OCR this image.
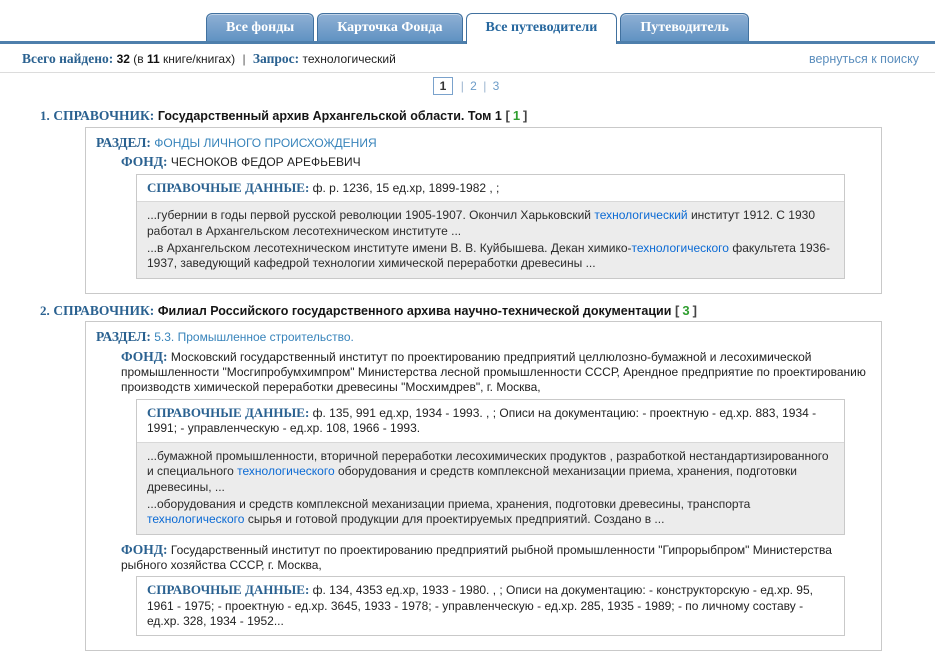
Все фонды	Карточка Фонда	Все путеводители	Путеводитель
Всего найдено: 32 (в 11 книге/книгах) | Запрос: технологический	вернуться к поиску
1 | 2 | 3
1. СПРАВОЧНИК: Государственный архив Архангельской области. Том 1 [ 1 ]
РАЗДЕЛ: ФОНДЫ ЛИЧНОГО ПРОИСХОЖДЕНИЯ
ФОНД: ЧЕСНОКОВ ФЕДОР АРЕФЬЕВИЧ
СПРАВОЧНЫЕ ДАННЫЕ: ф. р. 1236, 15 ед.хр, 1899-1982 , ;

...губернии в годы первой русской революции 1905-1907. Окончил Харьковский технологический институт 1912. С 1930 работал в Архангельском лесотехническом институте ...

...в Архангельском лесотехническом институте имени В. В. Куйбышева. Декан химико-технологического факультета 1936-1937, заведующий кафедрой технологии химической переработки древесины ...

2. СПРАВОЧНИК: Филиал Российского государственного архива научно-технической документации [ 3 ]
РАЗДЕЛ: 5.3. Промышленное строительство.
ФОНД: Московский государственный институт по проектированию предприятий целлюлозно-бумажной и лесохимической промышленности "Мосгипробумхимпром" Министерства лесной промышленности СССР, Арендное предприятие по проектированию производств химической переработки древесины "Мосхимдрев", г. Москва,
СПРАВОЧНЫЕ ДАННЫЕ: ф. 135, 991 ед.хр, 1934 - 1993. , ; Описи на документацию: - проектную - ед.хр. 883, 1934 - 1991; - управленческую - ед.хр. 108, 1966 - 1993.

...бумажной промышленности, вторичной переработки лесохимических продуктов , разработкой нестандартизированного и специального технологического оборудования и средств комплексной механизации приема, хранения, подготовки древесины, ...

...оборудования и средств комплексной механизации приема, хранения, подготовки древесины, транспорта технологического сырья и готовой продукции для проектируемых предприятий. Создано в ...

ФОНД: Государственный институт по проектированию предприятий рыбной промышленности "Гипрорыбпром" Министерства рыбного хозяйства СССР, г. Москва,
СПРАВОЧНЫЕ ДАННЫЕ: ф. 134, 4353 ед.хр, 1933 - 1980. , ; Описи на документацию: - конструкторскую - ед.хр. 95, 1961 - 1975; - проектную - ед.хр. 3645, 1933 - 1978; - управленческую - ед.хр. 285, 1935 - 1989; - по личному составу - ед.хр. 328, 1934 - 1952...
